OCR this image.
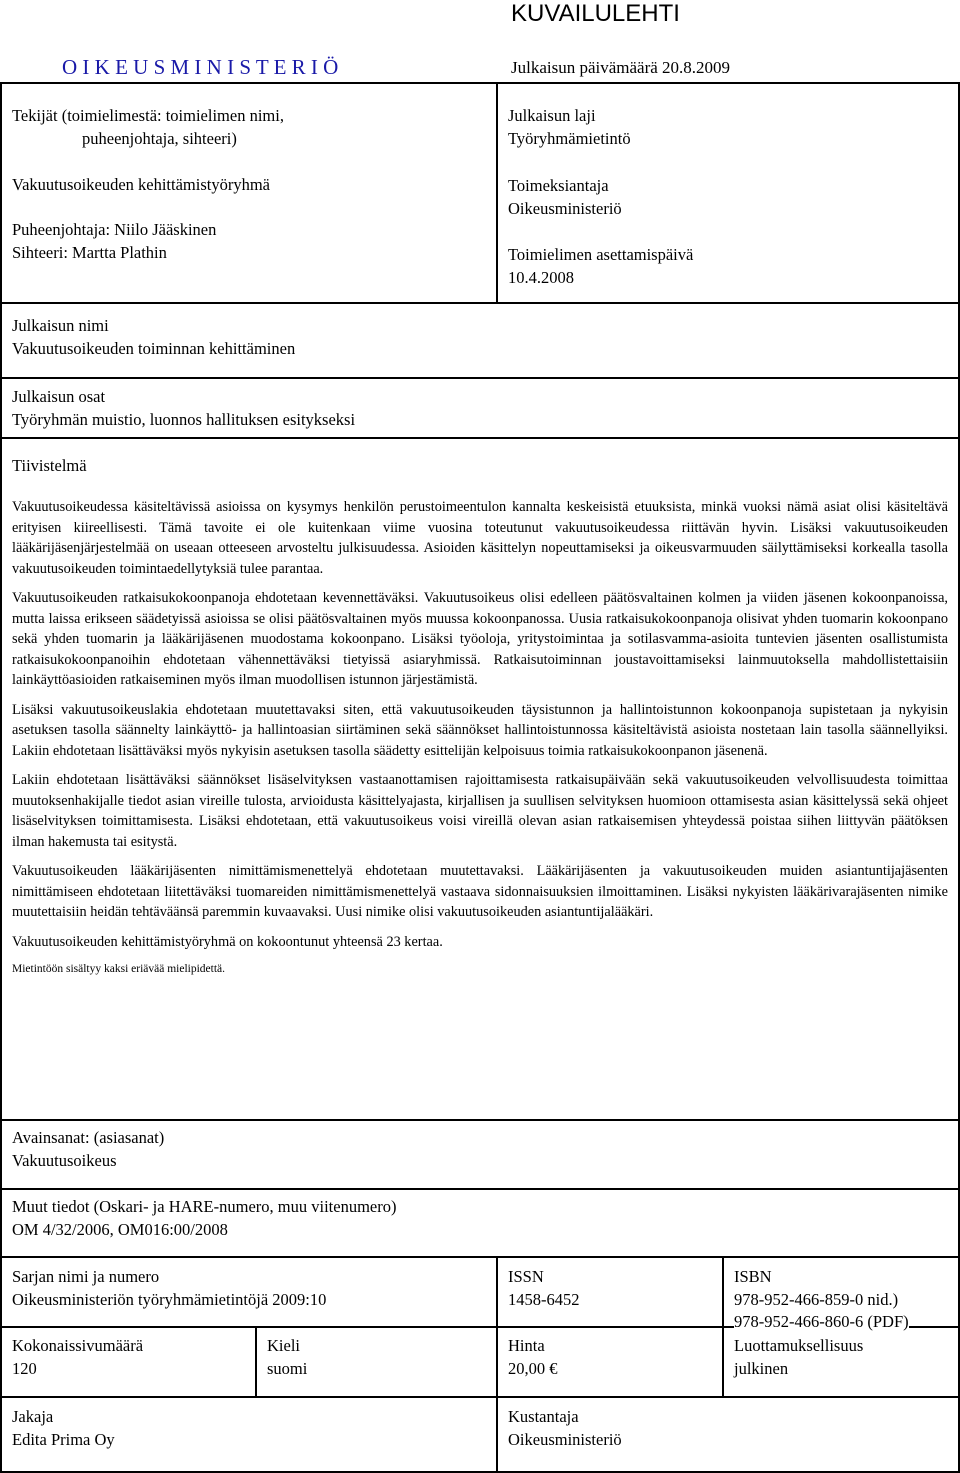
KUVAILULEHTI
O I K E U S M I N I S T E R I Ö	Julkaisun päivämäärä 20.8.2009
Tekijät (toimielimestä: toimielimen nimi,
puheenjohtaja, sihteeri)
Vakuutusoikeuden kehittämistyöryhmä
Puheenjohtaja: Niilo Jääskinen
Sihteeri: Martta Plathin
Julkaisun laji
Työryhmämietintö
Toimeksiantaja
Oikeusministeriö
Toimielimen asettamispäivä
10.4.2008
Julkaisun nimi
Vakuutusoikeuden toiminnan kehittäminen
Julkaisun osat
Työryhmän muistio, luonnos hallituksen esitykseksi
Tiivistelmä

Vakuutusoikeudessa käsiteltävissä asioissa on kysymys henkilön perustoimeentulon kannalta keskeisistä etuuksista, minkä vuoksi nämä asiat olisi käsiteltävä erityisen kiireellisesti. Tämä tavoite ei ole kuitenkaan viime vuosina toteutunut vakuutusoikeudessa riittävän hyvin. Lisäksi vakuutusoikeuden lääkärijäsenjärjestelmää on useaan otteeseen arvosteltu julkisuudessa. Asioiden käsittelyn nopeuttamiseksi ja oikeusvarmuuden säilyttämiseksi korkealla tasolla vakuutusoikeuden toimintaedellytyksiä tulee parantaa.

Vakuutusoikeuden ratkaisukokoonpanoja ehdotetaan kevennettäväksi. Vakuutusoikeus olisi edelleen päätösvaltainen kolmen ja viiden jäsenen kokoonpanoissa, mutta laissa erikseen säädetyissä asioissa se olisi päätösvaltainen myös muussa kokoonpanossa. Uusia ratkaisukokoonpanoja olisivat yhden tuomarin kokoonpano sekä yhden tuomarin ja lääkärijäsenen muodostama kokoonpano. Lisäksi työoloja, yritystoimintaa ja sotilasvamma-asioita tuntevien jäsenten osallistumista ratkaisukokoonpanoihin ehdotetaan vähennettäväksi tietyissä asiaryhmissä. Ratkaisutoiminnan joustavoittamiseksi lainmuutoksella mahdollistettaisiin lainkäyttöasioiden ratkaiseminen myös ilman muodollisen istunnon järjestämistä.

Lisäksi vakuutusoikeuslakia ehdotetaan muutettavaksi siten, että vakuutusoikeuden täysistunnon ja hallintoistunnon kokoonpanoja supistetaan ja nykyisin asetuksen tasolla säännelty lainkäyttö- ja hallintoasian siirtäminen sekä säännökset hallintoistunnossa käsiteltävistä asioista nostetaan lain tasolla säännellyiksi. Lakiin ehdotetaan lisättäväksi myös nykyisin asetuksen tasolla säädetty esittelijän kelpoisuus toimia ratkaisukokoonpanon jäsenenä.

Lakiin ehdotetaan lisättäväksi säännökset lisäselvityksen vastaanottamisen rajoittamisesta ratkaisupäivään sekä vakuutusoikeuden velvollisuudesta toimittaa muutoksenhakijalle tiedot asian vireille tulosta, arvioidusta käsittelyajasta, kirjallisen ja suullisen selvityksen huomioon ottamisesta asian käsittelyssä sekä ohjeet lisäselvityksen toimittamisesta. Lisäksi ehdotetaan, että vakuutusoikeus voisi vireillä olevan asian ratkaisemisen yhteydessä poistaa siihen liittyvän päätöksen ilman hakemusta tai esitystä.

Vakuutusoikeuden lääkärijäsenten nimittämismenettelyä ehdotetaan muutettavaksi. Lääkärijäsenten ja vakuutusoikeuden muiden asiantuntijajäsenten nimittämiseen ehdotetaan liitettäväksi tuomareiden nimittämismenettelyä vastaava sidonnaisuuksien ilmoittaminen. Lisäksi nykyisten lääkärivarajäsenten nimike muutettaisiin heidän tehtäväänsä paremmin kuvaavaksi. Uusi nimike olisi vakuutusoikeuden asiantuntijalääkäri.

Vakuutusoikeuden kehittämistyöryhmä on kokoontunut yhteensä 23 kertaa.

Mietintöön sisältyy kaksi eriävää mielipidettä.

Avainsanat: (asiasanat)
Vakuutusoikeus
Muut tiedot (Oskari- ja HARE-numero, muu viitenumero)
OM 4/32/2006, OM016:00/2008
Sarjan nimi ja numero
Oikeusministeriön työryhmämietintöjä 2009:10
ISSN
1458-6452
ISBN
978-952-466-859-0 nid.)
978-952-466-860-6 (PDF)
Kokonaissivumäärä
120
Kieli
suomi
Hinta
20,00 €
Luottamuksellisuus
julkinen
Jakaja
Edita Prima Oy
Kustantaja
Oikeusministeriö
